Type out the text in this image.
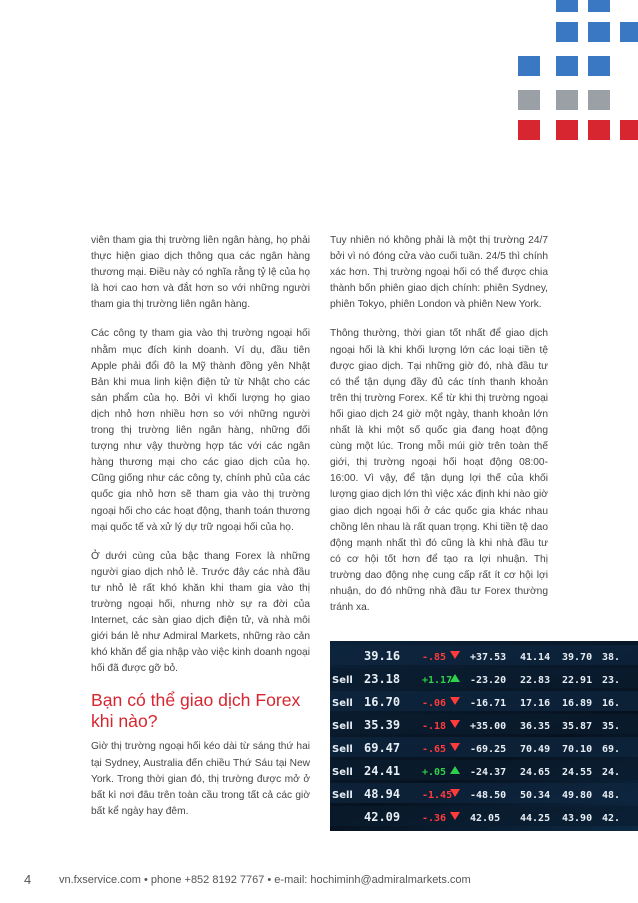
viên tham gia thị trường liên ngân hàng, họ phải thực hiện giao dịch thông qua các ngân hàng thương mại. Điều này có nghĩa rằng tỷ lệ của họ là hơi cao hơn và đắt hơn so với những người tham gia thị trường liên ngân hàng.

Các công ty tham gia vào thị trường ngoại hối nhằm mục đích kinh doanh. Ví dụ, đầu tiên Apple phải đổi đô la Mỹ thành đồng yên Nhật Bản khi mua linh kiện điện tử từ Nhật cho các sản phẩm của họ. Bởi vì khối lượng họ giao dịch nhỏ hơn nhiều hơn so với những người trong thị trường liên ngân hàng, những đối tượng như vậy thường hợp tác với các ngân hàng thương mại cho các giao dịch của họ. Cũng giống như các công ty, chính phủ của các quốc gia nhỏ hơn sẽ tham gia vào thị trường ngoại hối cho các hoạt động, thanh toán thương mại quốc tế và xử lý dự trữ ngoại hối của họ.

Ở dưới cùng của bậc thang Forex là những người giao dịch nhỏ lẻ. Trước đây các nhà đầu tư nhỏ lẻ rất khó khăn khi tham gia vào thị trường ngoại hối, nhưng nhờ sự ra đời của Internet, các sàn giao dịch điện tử, và nhà môi giới bán lẻ như Admiral Markets, những rào cản khó khăn để gia nhập vào việc kinh doanh ngoại hối đã được gỡ bỏ.

Bạn có thể giao dịch Forex khi nào?

Giờ thị trường ngoại hối kéo dài từ sáng thứ hai tại Sydney, Australia đến chiều Thứ Sáu tại New York. Trong thời gian đó, thị trường được mở ở bất kì nơi đâu trên toàn cầu trong tất cả các giờ bất kể ngày hay đêm.

Tuy nhiên nó không phải là một thị trường 24/7 bởi vì nó đóng cửa vào cuối tuần. 24/5 thì chính xác hơn. Thị trường ngoại hối có thể được chia thành bốn phiên giao dịch chính: phiên Sydney, phiên Tokyo, phiên London và phiên New York.

Thông thường, thời gian tốt nhất để giao dịch ngoại hối là khi khối lượng lớn các loại tiền tệ được giao dịch. Tại những giờ đó, nhà đầu tư có thể tận dụng đầy đủ các tính thanh khoản trên thị trường Forex. Kể từ khi thị trường ngoại hối giao dịch 24 giờ một ngày, thanh khoản lớn nhất là khi một số quốc gia đang hoạt động cùng một lúc. Trong mỗi múi giờ trên toàn thế giới, thị trường ngoại hối hoạt động 08:00-16:00. Vì vậy, để tận dụng lợi thế của khối lượng giao dịch lớn thì việc xác định khi nào giờ giao dịch ngoại hối ở các quốc gia khác nhau chồng lên nhau là rất quan trọng. Khi tiền tệ dao động mạnh nhất thì đó cũng là khi nhà đầu tư có cơ hội tốt hơn để tạo ra lợi nhuận. Thị trường dao động nhẹ cung cấp rất ít cơ hội lợi nhuận, do đó những nhà đầu tư Forex thường tránh xa.

39.16 -.85 +37.53 41.14 39.70 38.
Sell 23.18 +1.17 -23.20 22.83 22.91 23.
Sell 16.70 -.06 -16.71 17.16 16.89 16.
Sell 35.39 -.18 +35.00 36.35 35.87 35.
Sell 69.47 -.65 -69.25 70.49 70.10 69.
Sell 24.41 +.05 -24.37 24.65 24.55 24.
Sell 48.94 -1.45 -48.50 50.34 49.80 48.
42.09 -.36 42.05 44.25 43.90 42.
4	vn.fxservice.com • phone +852 8192 7767 • e-mail: hochiminh@admiralmarkets.com
